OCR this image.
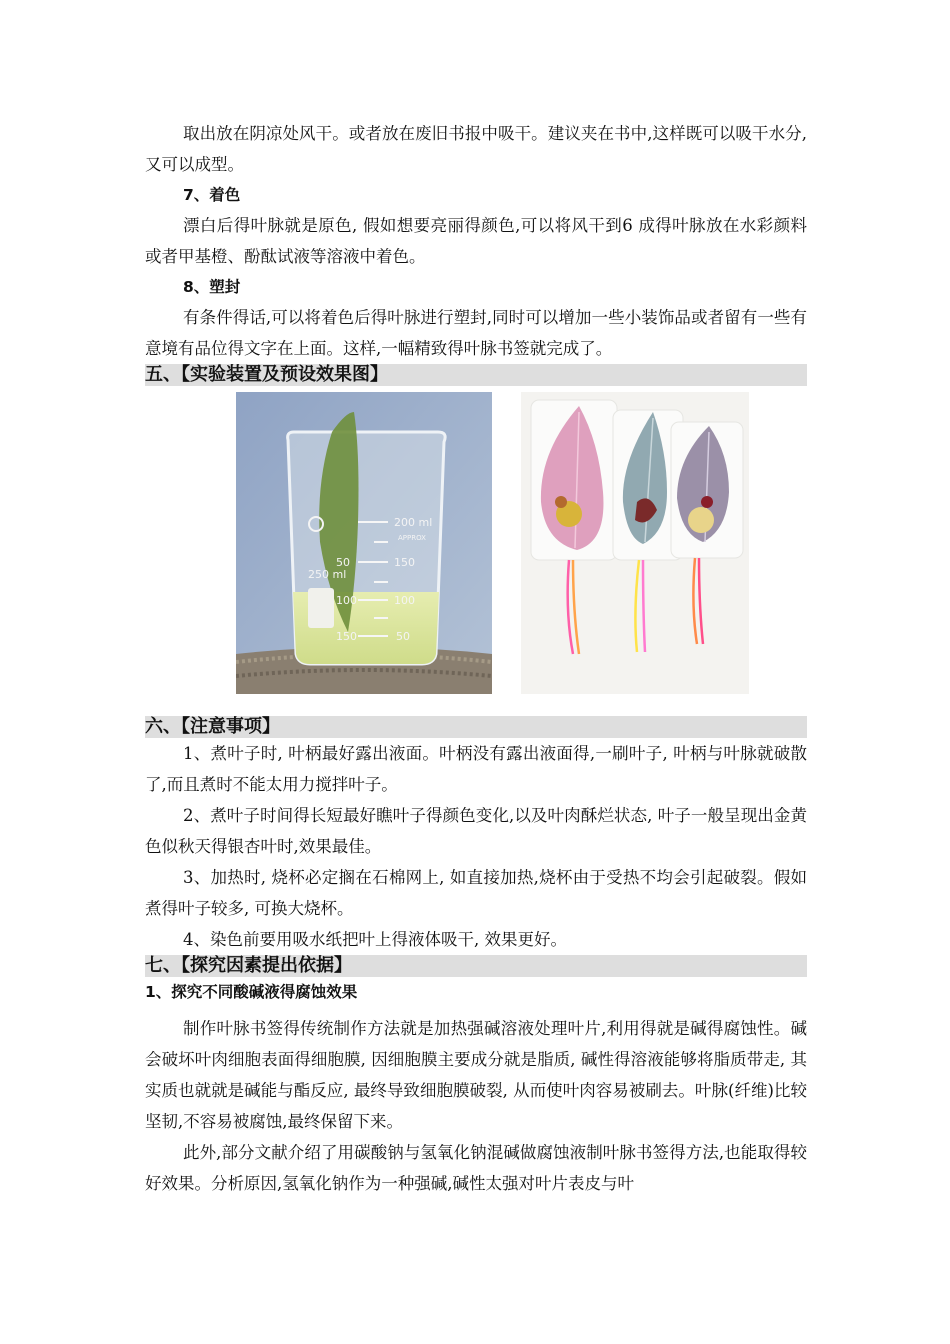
取出放在阴凉处风干。或者放在废旧书报中吸干。建议夹在书中,这样既可以吸干水分,又可以成型。

7、着色

漂白后得叶脉就是原色, 假如想要亮丽得颜色,可以将风干到6 成得叶脉放在水彩颜料或者甲基橙、酚酞试液等溶液中着色。

8、塑封

有条件得话,可以将着色后得叶脉进行塑封,同时可以增加一些小装饰品或者留有一些有意境有品位得文字在上面。这样,一幅精致得叶脉书签就完成了。

五、【实验装置及预设效果图】
250 ml
50
100
150
200 ml
APPROX
150
100
50
六、【注意事项】

1、煮叶子时, 叶柄最好露出液面。叶柄没有露出液面得,一刷叶子, 叶柄与叶脉就破散了,而且煮时不能太用力搅拌叶子。

2、煮叶子时间得长短最好瞧叶子得颜色变化,以及叶肉酥烂状态, 叶子一般呈现出金黄色似秋天得银杏叶时,效果最佳。

3、加热时, 烧杯必定搁在石棉网上, 如直接加热,烧杯由于受热不均会引起破裂。假如煮得叶子较多, 可换大烧杯。

4、染色前要用吸水纸把叶上得液体吸干, 效果更好。

七、【探究因素提出依据】
1、探究不同酸碱液得腐蚀效果

制作叶脉书签得传统制作方法就是加热强碱溶液处理叶片,利用得就是碱得腐蚀性。碱会破坏叶肉细胞表面得细胞膜, 因细胞膜主要成分就是脂质, 碱性得溶液能够将脂质带走, 其实质也就就是碱能与酯反应, 最终导致细胞膜破裂, 从而使叶肉容易被刷去。叶脉(纤维)比较坚韧,不容易被腐蚀,最终保留下来。

此外,部分文献介绍了用碳酸钠与氢氧化钠混碱做腐蚀液制叶脉书签得方法,也能取得较好效果。分析原因,氢氧化钠作为一种强碱,碱性太强对叶片表皮与叶
